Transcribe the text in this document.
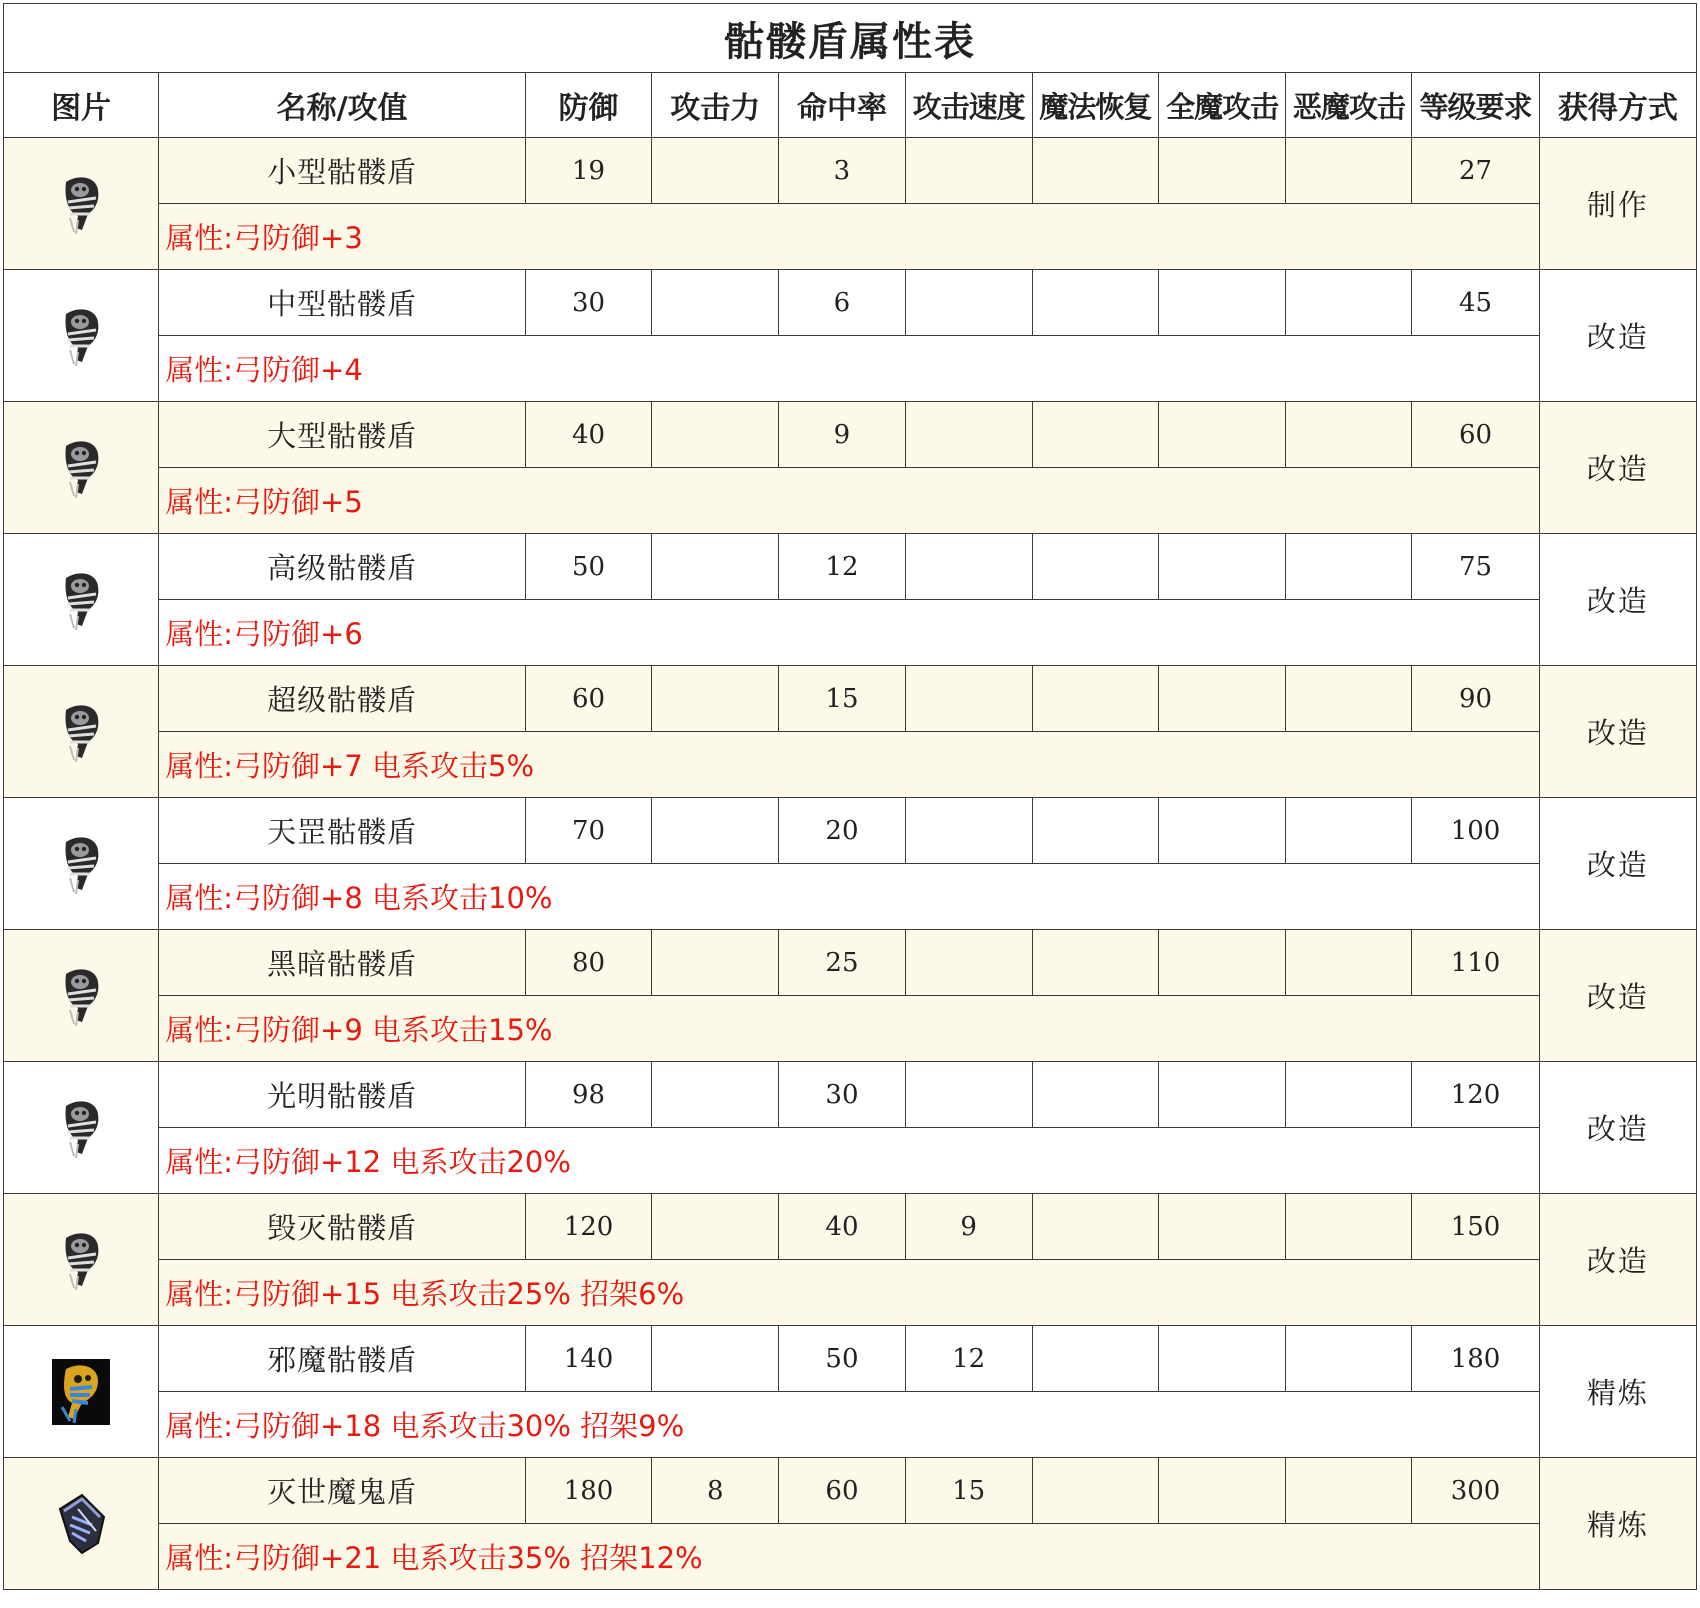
骷髅盾属性表										
图片	名称/攻值	防御	攻击力	命中率	攻击速度	魔法恢复	全魔攻击	恶魔攻击	等级要求	获得方式
	小型骷髅盾	19		3					27	制作
	属性:弓防御+3									
	中型骷髅盾	30		6					45	改造
	属性:弓防御+4									
	大型骷髅盾	40		9					60	改造
	属性:弓防御+5									
	高级骷髅盾	50		12					75	改造
	属性:弓防御+6									
	超级骷髅盾	60		15					90	改造
	属性:弓防御+7 电系攻击5%									
	天罡骷髅盾	70		20					100	改造
	属性:弓防御+8 电系攻击10%									
	黑暗骷髅盾	80		25					110	改造
	属性:弓防御+9 电系攻击15%									
	光明骷髅盾	98		30					120	改造
	属性:弓防御+12 电系攻击20%									
	毁灭骷髅盾	120		40	9				150	改造
	属性:弓防御+15 电系攻击25% 招架6%									
	邪魔骷髅盾	140		50	12				180	精炼
	属性:弓防御+18 电系攻击30% 招架9%									
	灭世魔鬼盾	180	8	60	15				300	精炼
	属性:弓防御+21 电系攻击35% 招架12%									
